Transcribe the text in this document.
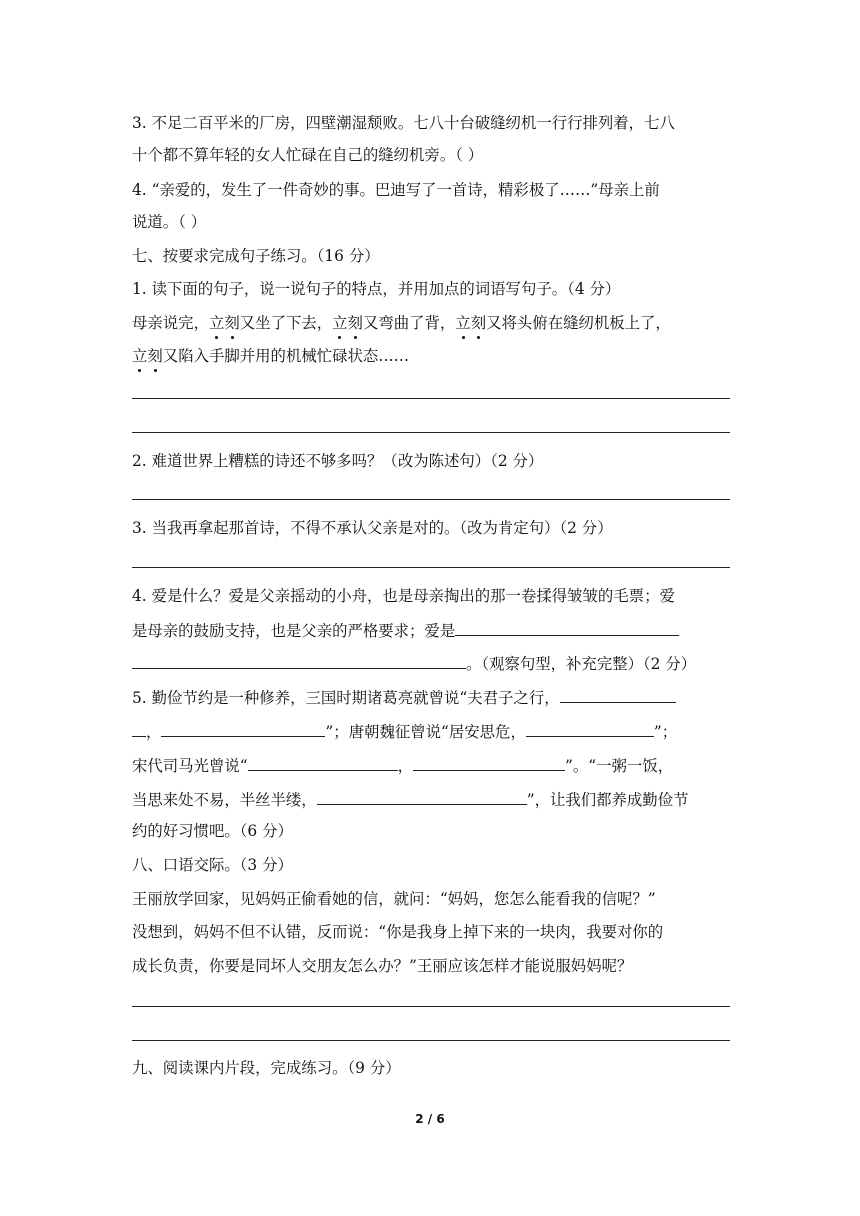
3. 不足二百平米的厂房，四壁潮湿颓败。七八十台破缝纫机一行行排列着，七八
十个都不算年轻的女人忙碌在自己的缝纫机旁。（ ）
4. “亲爱的，发生了一件奇妙的事。巴迪写了一首诗，精彩极了……”母亲上前
说道。（ ）
七、按要求完成句子练习。（16 分）
1. 读下面的句子，说一说句子的特点，并用加点的词语写句子。（4 分）
母亲说完，立刻又坐了下去，立刻又弯曲了背，立刻又将头俯在缝纫机板上了，
立刻又陷入手脚并用的机械忙碌状态……
2. 难道世界上糟糕的诗还不够多吗？（改为陈述句）（2 分）
3. 当我再拿起那首诗，不得不承认父亲是对的。（改为肯定句）（2 分）
4. 爱是什么？爱是父亲摇动的小舟，也是母亲掏出的那一卷揉得皱皱的毛票；爱
是母亲的鼓励支持，也是父亲的严格要求；爱是
。（观察句型，补充完整）（2 分）
5. 勤俭节约是一种修养，三国时期诸葛亮就曾说“夫君子之行，
，	”；唐朝魏征曾说“居安思危，	”；
宋代司马光曾说“	，	”。“一粥一饭，
当思来处不易，半丝半缕，	”，让我们都养成勤俭节
约的好习惯吧。（6 分）
八、口语交际。（3 分）
王丽放学回家，见妈妈正偷看她的信，就问：“妈妈，您怎么能看我的信呢？”
没想到，妈妈不但不认错，反而说：“你是我身上掉下来的一块肉，我要对你的
成长负责，你要是同坏人交朋友怎么办？”王丽应该怎样才能说服妈妈呢？
九、阅读课内片段，完成练习。（9 分）
2 / 6
